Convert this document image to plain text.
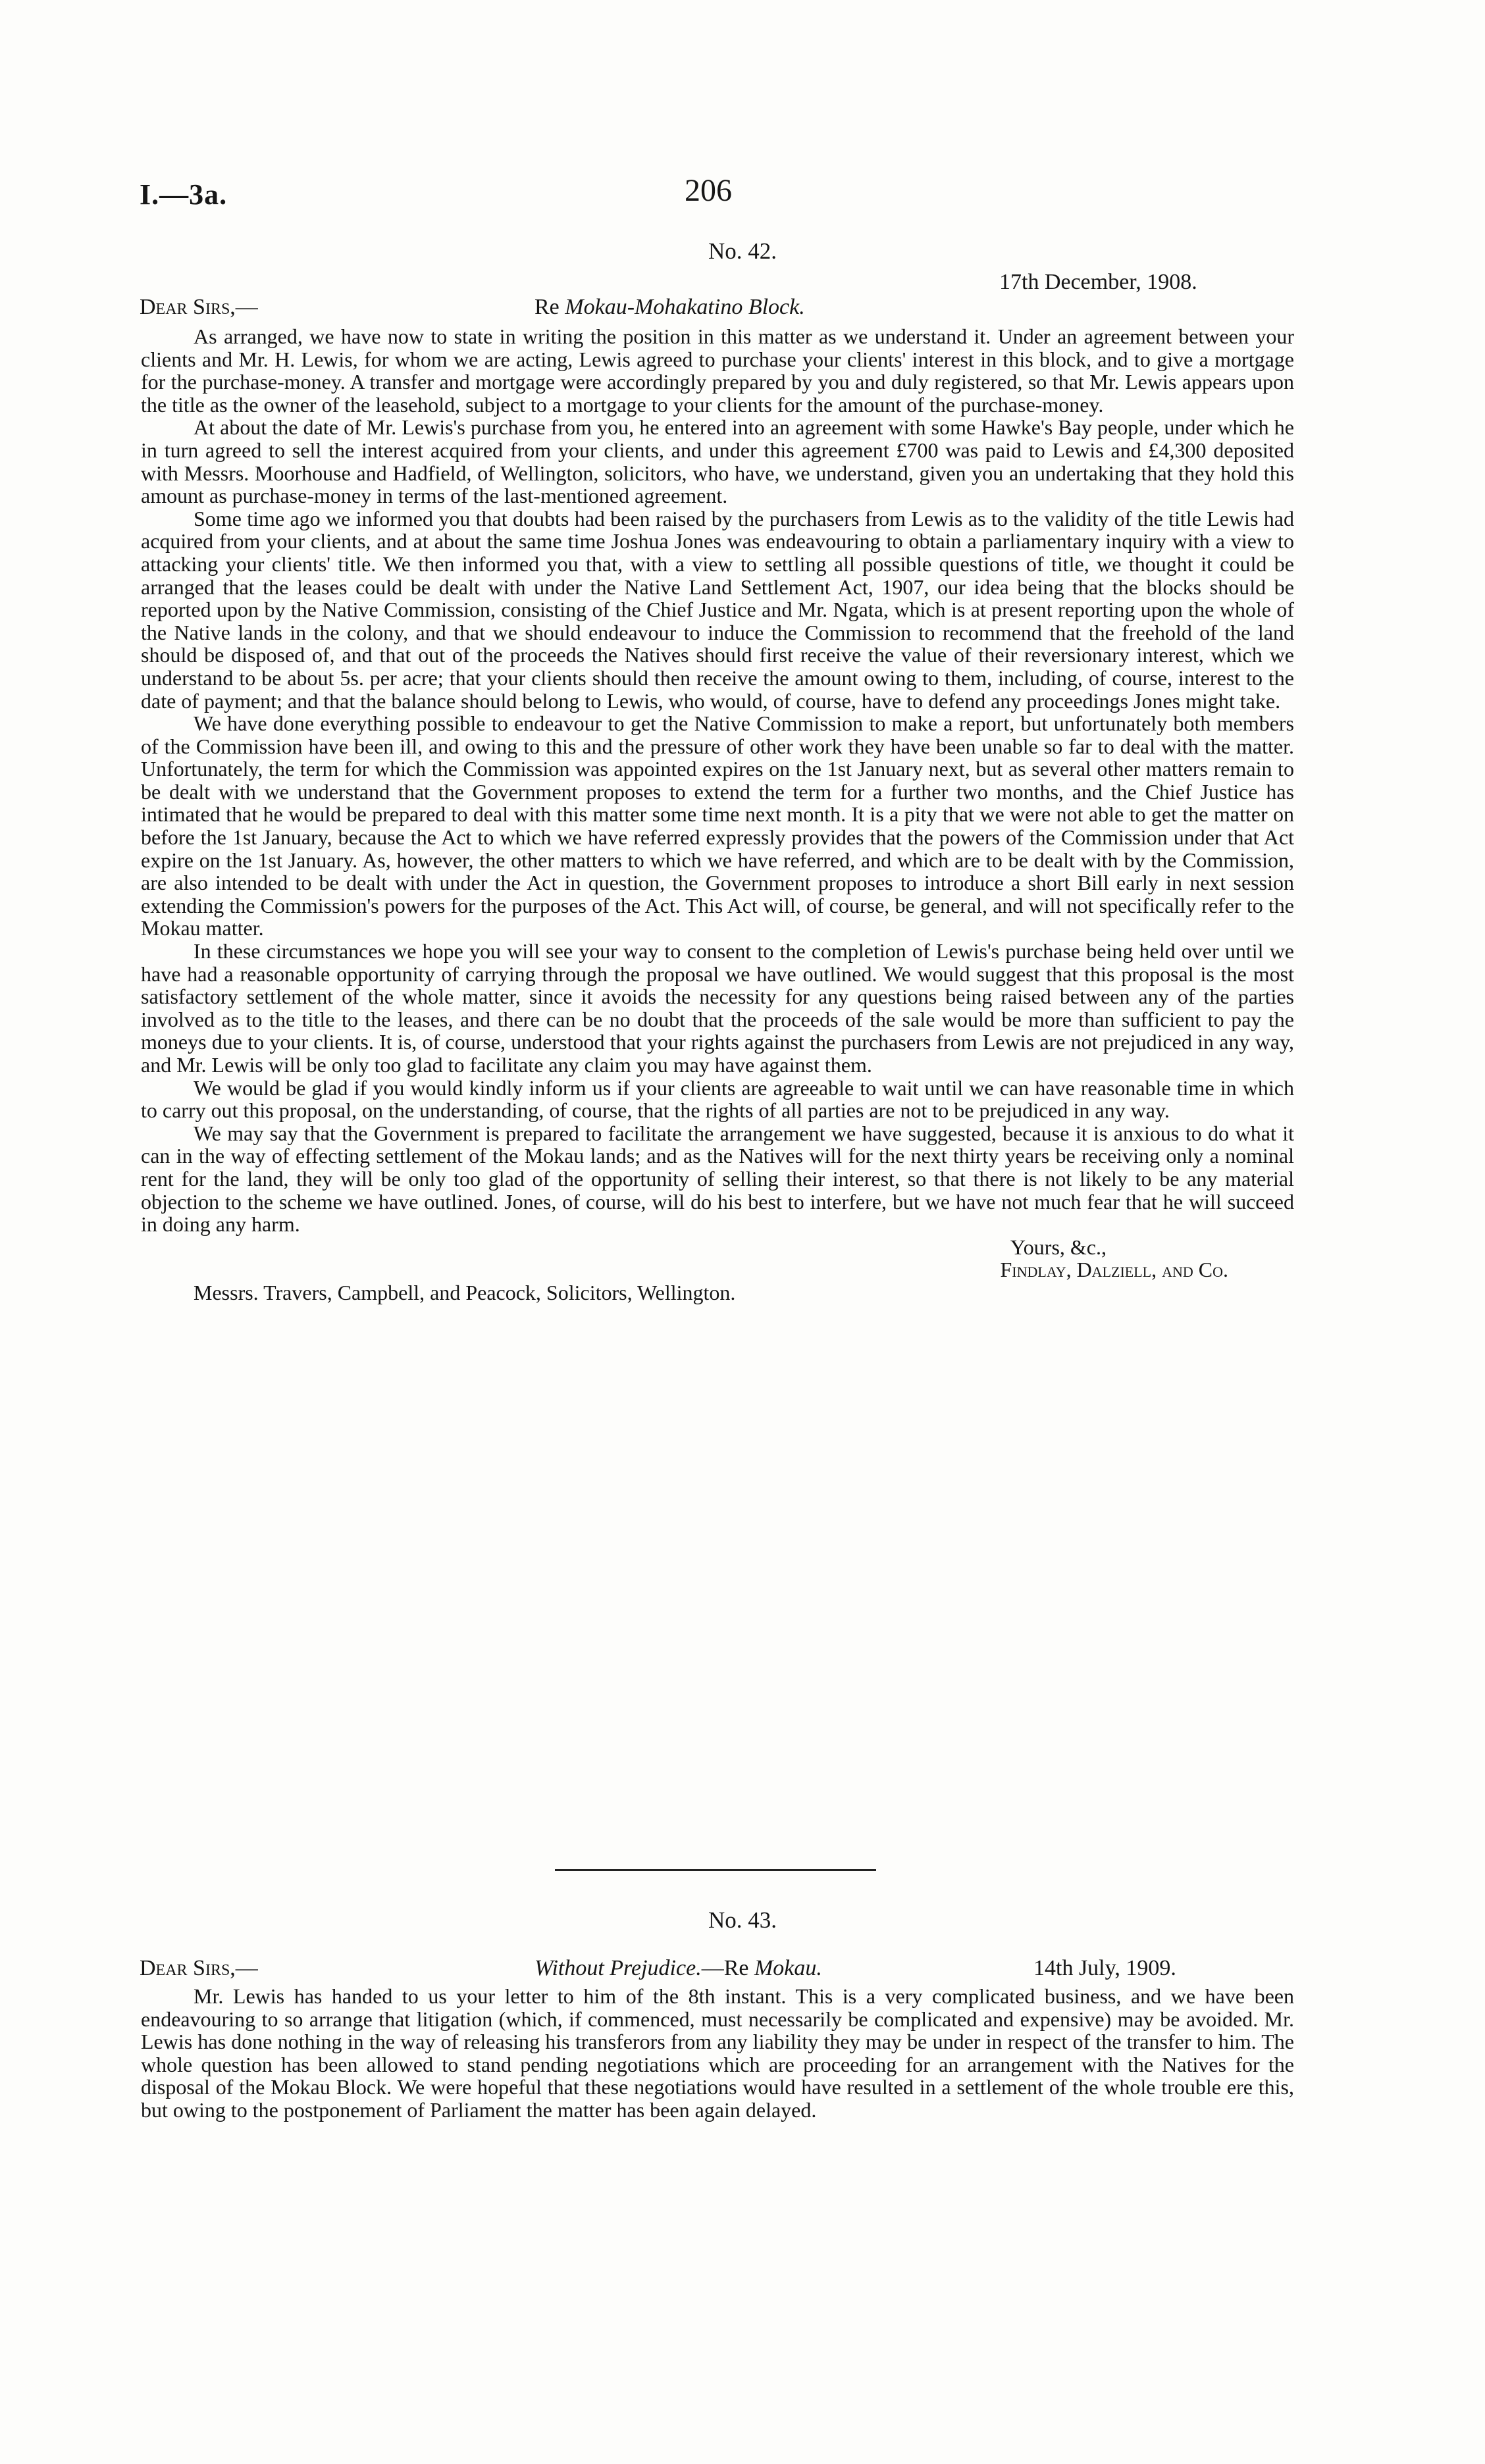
I.—3a.	206
No. 42.
17th December, 1908.
Dear Sirs,—	Re Mokau-Mohakatino Block.

As arranged, we have now to state in writing the position in this matter as we understand it. Under an agreement between your clients and Mr. H. Lewis, for whom we are acting, Lewis agreed to purchase your clients' interest in this block, and to give a mortgage for the purchase-money. A transfer and mortgage were accordingly prepared by you and duly registered, so that Mr. Lewis appears upon the title as the owner of the leasehold, subject to a mortgage to your clients for the amount of the purchase-money.

At about the date of Mr. Lewis's purchase from you, he entered into an agreement with some Hawke's Bay people, under which he in turn agreed to sell the interest acquired from your clients, and under this agreement £700 was paid to Lewis and £4,300 deposited with Messrs. Moorhouse and Hadfield, of Wellington, solicitors, who have, we understand, given you an undertaking that they hold this amount as purchase-money in terms of the last-mentioned agreement.

Some time ago we informed you that doubts had been raised by the purchasers from Lewis as to the validity of the title Lewis had acquired from your clients, and at about the same time Joshua Jones was endeavouring to obtain a parliamentary inquiry with a view to attacking your clients' title. We then informed you that, with a view to settling all possible questions of title, we thought it could be arranged that the leases could be dealt with under the Native Land Settlement Act, 1907, our idea being that the blocks should be reported upon by the Native Commission, consisting of the Chief Justice and Mr. Ngata, which is at present reporting upon the whole of the Native lands in the colony, and that we should endeavour to induce the Commission to recommend that the freehold of the land should be disposed of, and that out of the proceeds the Natives should first receive the value of their reversionary interest, which we understand to be about 5s. per acre; that your clients should then receive the amount owing to them, including, of course, interest to the date of payment; and that the balance should belong to Lewis, who would, of course, have to defend any proceedings Jones might take.

We have done everything possible to endeavour to get the Native Commission to make a report, but unfortunately both members of the Commission have been ill, and owing to this and the pressure of other work they have been unable so far to deal with the matter. Unfortunately, the term for which the Commission was appointed expires on the 1st January next, but as several other matters remain to be dealt with we understand that the Government proposes to extend the term for a further two months, and the Chief Justice has intimated that he would be prepared to deal with this matter some time next month. It is a pity that we were not able to get the matter on before the 1st January, because the Act to which we have referred expressly provides that the powers of the Commission under that Act expire on the 1st January. As, however, the other matters to which we have referred, and which are to be dealt with by the Commission, are also intended to be dealt with under the Act in question, the Government proposes to introduce a short Bill early in next session extending the Commission's powers for the purposes of the Act. This Act will, of course, be general, and will not specifically refer to the Mokau matter.

In these circumstances we hope you will see your way to consent to the completion of Lewis's purchase being held over until we have had a reasonable opportunity of carrying through the proposal we have outlined. We would suggest that this proposal is the most satisfactory settlement of the whole matter, since it avoids the necessity for any questions being raised between any of the parties involved as to the title to the leases, and there can be no doubt that the proceeds of the sale would be more than sufficient to pay the moneys due to your clients. It is, of course, understood that your rights against the purchasers from Lewis are not prejudiced in any way, and Mr. Lewis will be only too glad to facilitate any claim you may have against them.

We would be glad if you would kindly inform us if your clients are agreeable to wait until we can have reasonable time in which to carry out this proposal, on the understanding, of course, that the rights of all parties are not to be prejudiced in any way.

We may say that the Government is prepared to facilitate the arrangement we have suggested, because it is anxious to do what it can in the way of effecting settlement of the Mokau lands; and as the Natives will for the next thirty years be receiving only a nominal rent for the land, they will be only too glad of the opportunity of selling their interest, so that there is not likely to be any material objection to the scheme we have outlined. Jones, of course, will do his best to interfere, but we have not much fear that he will succeed in doing any harm.

Yours, &c.,
Findlay, Dalziell, and Co.
Messrs. Travers, Campbell, and Peacock, Solicitors, Wellington.
No. 43.
Dear Sirs,—	Without Prejudice.—Re Mokau.	14th July, 1909.

Mr. Lewis has handed to us your letter to him of the 8th instant. This is a very complicated business, and we have been endeavouring to so arrange that litigation (which, if commenced, must necessarily be complicated and expensive) may be avoided. Mr. Lewis has done nothing in the way of releasing his transferors from any liability they may be under in respect of the transfer to him. The whole question has been allowed to stand pending negotiations which are proceeding for an arrangement with the Natives for the disposal of the Mokau Block. We were hopeful that these negotiations would have resulted in a settlement of the whole trouble ere this, but owing to the postponement of Parliament the matter has been again delayed.
